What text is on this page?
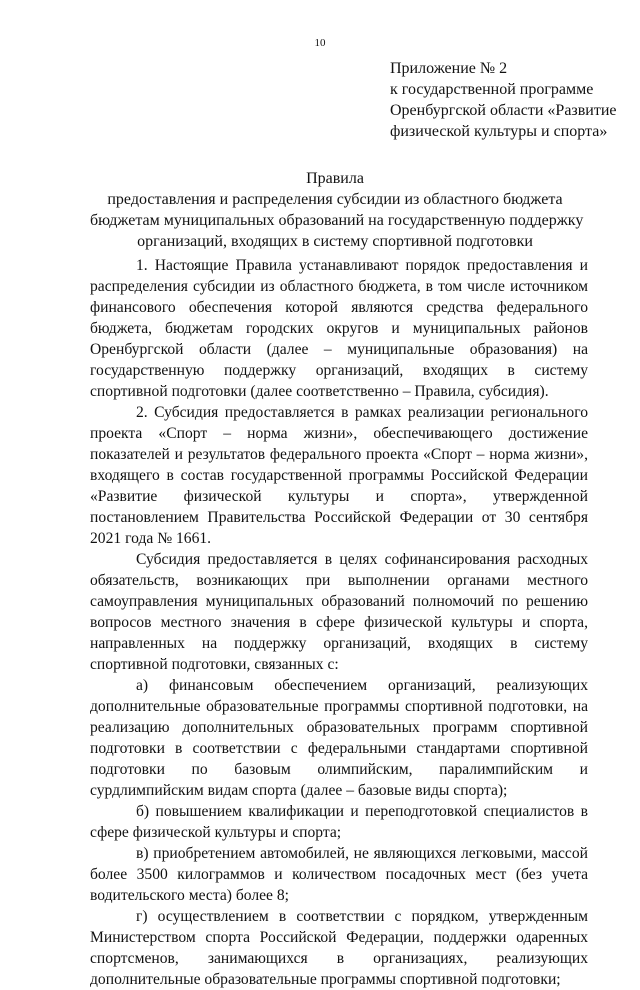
10
Приложение № 2
к государственной программе
Оренбургской области «Развитие
физической культуры и спорта»
Правила
предоставления и распределения субсидии из областного бюджета
бюджетам муниципальных образований на государственную поддержку
организаций, входящих в систему спортивной подготовки

1. Настоящие Правила устанавливают порядок предоставления и распределения субсидии из областного бюджета, в том числе источником финансового обеспечения которой являются средства федерального бюджета, бюджетам городских округов и муниципальных районов Оренбургской области (далее – муниципальные образования) на государственную поддержку организаций, входящих в систему спортивной подготовки (далее соответственно – Правила, субсидия).

2. Субсидия предоставляется в рамках реализации регионального проекта «Спорт – норма жизни», обеспечивающего достижение показателей и результатов федерального проекта «Спорт – норма жизни», входящего в состав государственной программы Российской Федерации «Развитие физической культуры и спорта», утвержденной постановлением Правительства Российской Федерации от 30 сентября 2021 года № 1661.

Субсидия предоставляется в целях софинансирования расходных обязательств, возникающих при выполнении органами местного самоуправления муниципальных образований полномочий по решению вопросов местного значения в сфере физической культуры и спорта, направленных на поддержку организаций, входящих в систему спортивной подготовки, связанных с:

а) финансовым обеспечением организаций, реализующих дополнительные образовательные программы спортивной подготовки, на реализацию дополнительных образовательных программ спортивной подготовки в соответствии с федеральными стандартами спортивной подготовки по базовым олимпийским, паралимпийским и сурдлимпийским видам спорта (далее – базовые виды спорта);

б) повышением квалификации и переподготовкой специалистов в сфере физической культуры и спорта;

в) приобретением автомобилей, не являющихся легковыми, массой более 3500 килограммов и количеством посадочных мест (без учета водительского места) более 8;

г) осуществлением в соответствии с порядком, утвержденным Министерством спорта Российской Федерации, поддержки одаренных спортсменов, занимающихся в организациях, реализующих дополнительные образовательные программы спортивной подготовки;
